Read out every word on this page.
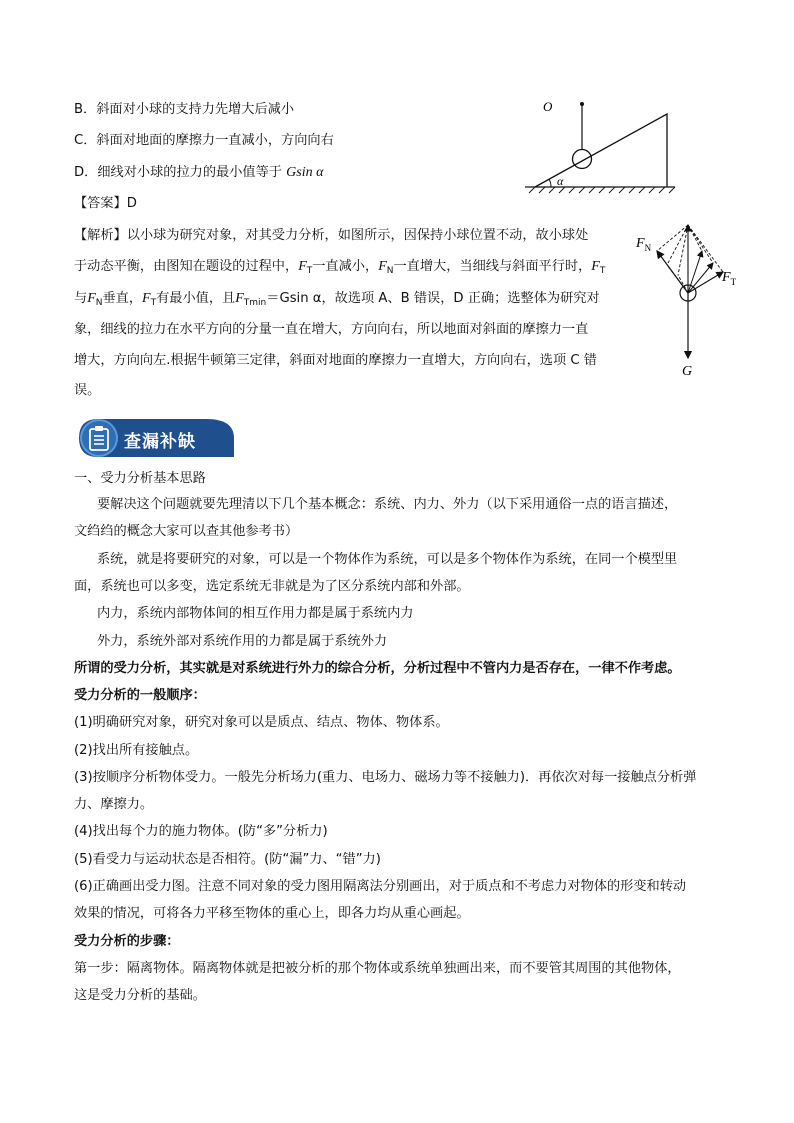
B．斜面对小球的支持力先增大后减小
C．斜面对地面的摩擦力一直减小，方向向右
D．细线对小球的拉力的最小值等于 Gsin α
【答案】D
【解析】以小球为研究对象，对其受力分析，如图所示，因保持小球位置不动，故小球处
于动态平衡，由图知在题设的过程中，$F_T$一直减小，$F_N$一直增大，当细线与斜面平行时，$F_T$
与$F_N$垂直，$F_T$有最小值，且$F_{Tmin}=Gsin$ α，故选项 A、B 错误，D 正确；选整体为研究对
象，细线的拉力在水平方向的分量一直在增大，方向向右，所以地面对斜面的摩擦力一直
增大，方向向左.根据牛顿第三定律，斜面对地面的摩擦力一直增大，方向向右，选项 C 错
误。
O
α
$F_N$
$F_T$
G
查漏补缺
一、受力分析基本思路
要解决这个问题就要先理清以下几个基本概念：系统、内力、外力（以下采用通俗一点的语言描述，
文绉绉的概念大家可以查其他参考书）
系统，就是将要研究的对象，可以是一个物体作为系统，可以是多个物体作为系统，在同一个模型里
面，系统也可以多变，选定系统无非就是为了区分系统内部和外部。
内力，系统内部物体间的相互作用力都是属于系统内力
外力，系统外部对系统作用的力都是属于系统外力
所谓的受力分析，其实就是对系统进行外力的综合分析，分析过程中不管内力是否存在，一律不作考虑。
受力分析的一般顺序：
(1)明确研究对象，研究对象可以是质点、结点、物体、物体系。
(2)找出所有接触点。
(3)按顺序分析物体受力。一般先分析场力(重力、电场力、磁场力等不接触力)．再依次对每一接触点分析弹
力、摩擦力。
(4)找出每个力的施力物体。(防“多”分析力)
(5)看受力与运动状态是否相符。(防“漏”力、“错”力)
(6)正确画出受力图。注意不同对象的受力图用隔离法分别画出，对于质点和不考虑力对物体的形变和转动
效果的情况，可将各力平移至物体的重心上，即各力均从重心画起。
受力分析的步骤：
第一步：隔离物体。隔离物体就是把被分析的那个物体或系统单独画出来，而不要管其周围的其他物体，
这是受力分析的基础。
